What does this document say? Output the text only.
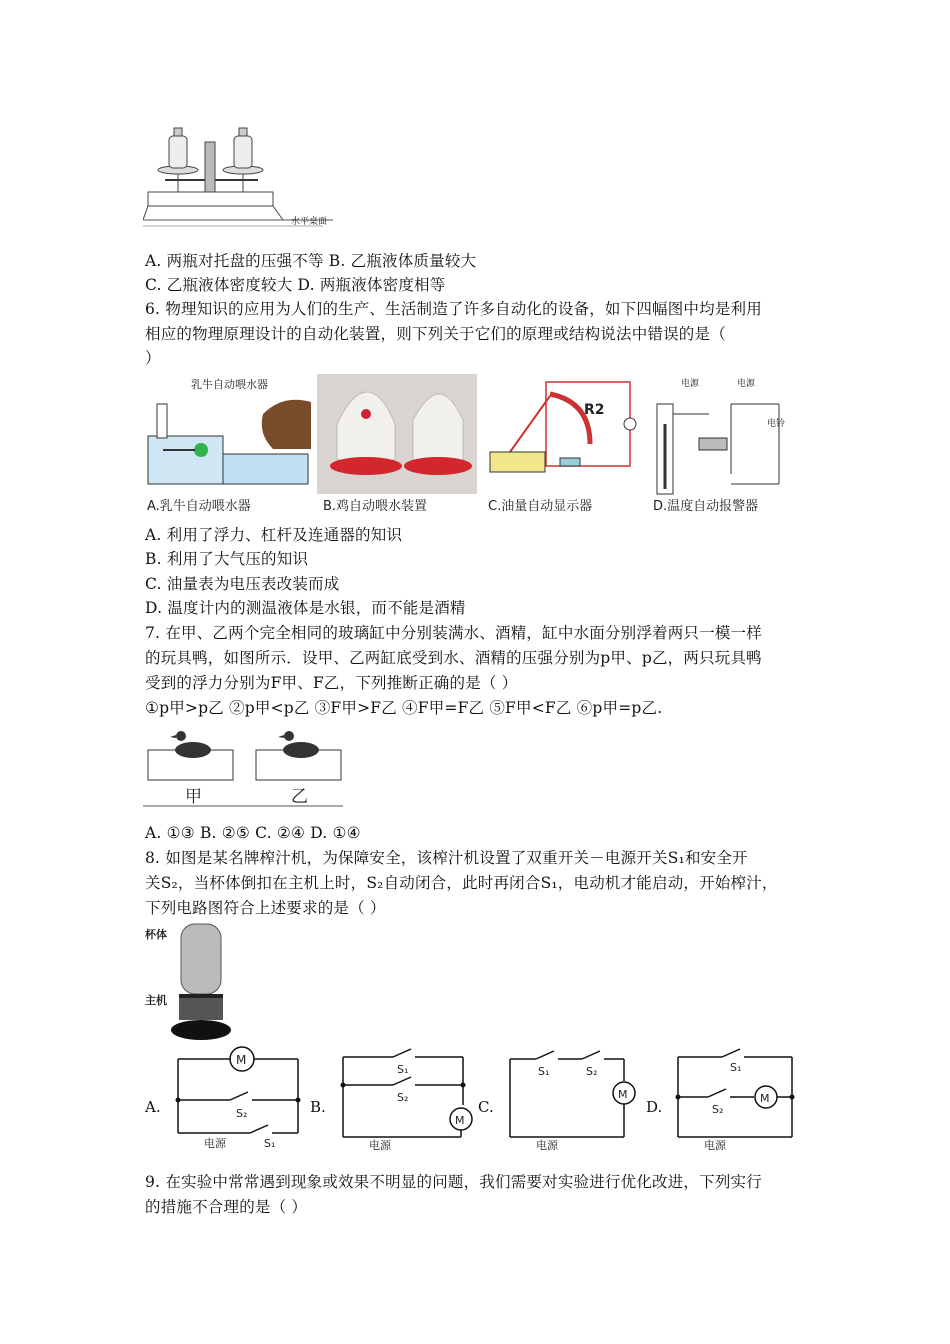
水平桌面
A. 两瓶对托盘的压强不等 B. 乙瓶液体质量较大
C. 乙瓶液体密度较大 D. 两瓶液体密度相等
6. 物理知识的应用为人们的生产、生活制造了许多自动化的设备，如下四幅图中均是利用
相应的物理原理设计的自动化装置，则下列关于它们的原理或结构说法中错误的是（
）
乳牛自动喂水器
A.乳牛自动喂水器	B.鸡自动喂水装置
R2
C.油量自动显示器
电源	电源
电铃
D.温度自动报警器
A. 利用了浮力、杠杆及连通器的知识
B. 利用了大气压的知识
C. 油量表为电压表改装而成
D. 温度计内的测温液体是水银，而不能是酒精
7. 在甲、乙两个完全相同的玻璃缸中分别装满水、酒精，缸中水面分别浮着两只一模一样
的玩具鸭，如图所示．设甲、乙两缸底受到水、酒精的压强分别为p甲、p乙，两只玩具鸭
受到的浮力分别为F甲、F乙，下列推断正确的是（ ）
①p甲>p乙 ②p甲<p乙 ③F甲>F乙 ④F甲=F乙 ⑤F甲<F乙 ⑥p甲=p乙.
甲	乙
A. ①③ B. ②⑤ C. ②④ D. ①④
8. 如图是某名牌榨汁机，为保障安全，该榨汁机设置了双重开关－电源开关S₁和安全开
关S₂，当杯体倒扣在主机上时，S₂自动闭合，此时再闭合S₁，电动机才能启动，开始榨汁，
下列电路图符合上述要求的是（ ）
杯体
主机
A.
M
S₂
S₁
电源
B.
S₁
S₂
M
电源
C.
S₁	S₂
M
电源
D.
S₁
S₂
M
电源
9. 在实验中常常遇到现象或效果不明显的问题，我们需要对实验进行优化改进，下列实行
的措施不合理的是（ ）
